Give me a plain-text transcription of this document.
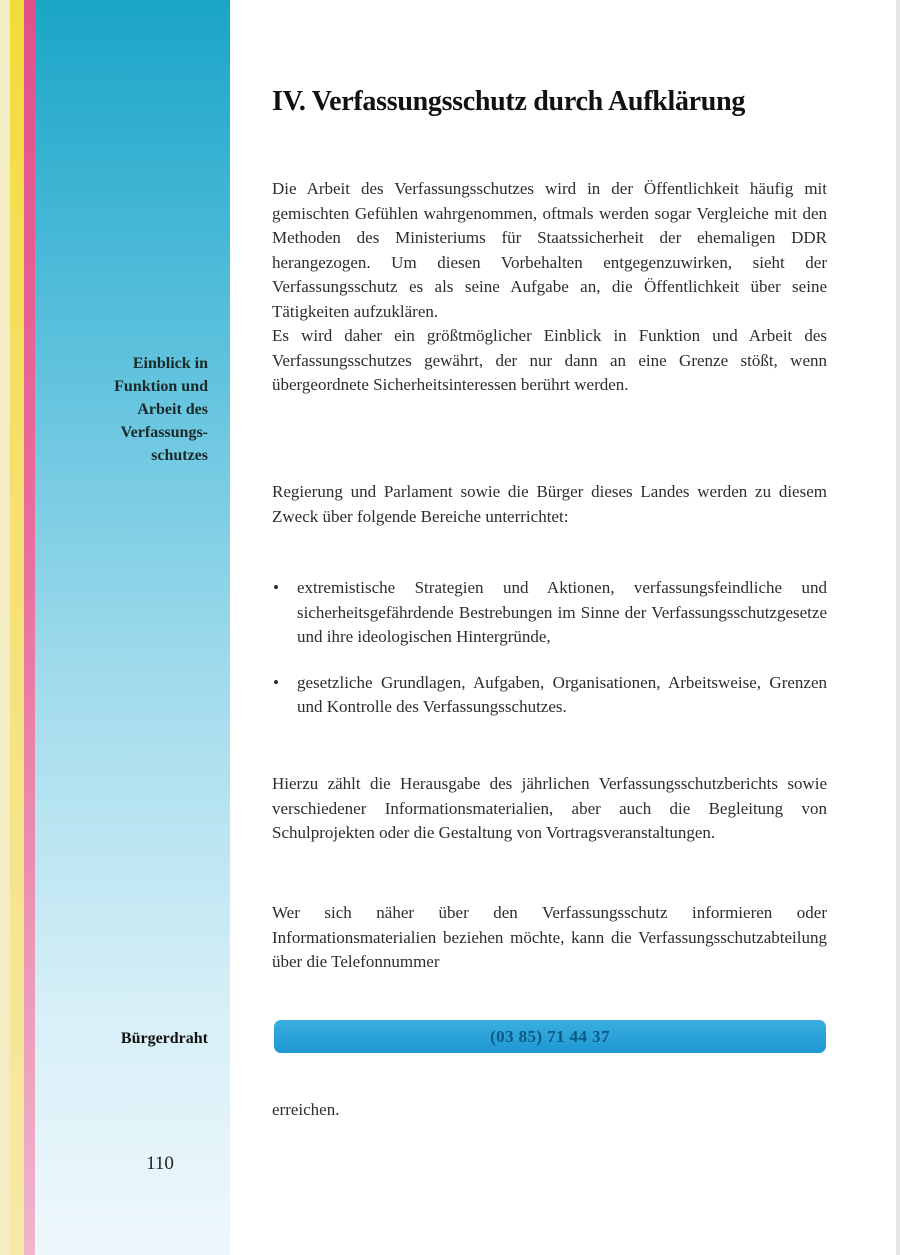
Einblick in
Funktion und
Arbeit des
Verfassungs-
schutzes
Bürgerdraht
110
IV. Verfassungsschutz durch Aufklärung

Die Arbeit des Verfassungsschutzes wird in der Öffentlichkeit häufig mit gemischten Gefühlen wahrgenommen, oftmals werden sogar Vergleiche mit den Methoden des Ministeriums für Staatssicherheit der ehemaligen DDR herangezogen. Um diesen Vorbehalten entgegenzuwirken, sieht der Verfassungsschutz es als seine Aufgabe an, die Öffentlichkeit über seine Tätigkeiten aufzuklären.

Es wird daher ein größtmöglicher Einblick in Funktion und Arbeit des Verfassungsschutzes gewährt, der nur dann an eine Grenze stößt, wenn übergeordnete Sicherheitsinteressen berührt werden.

Regierung und Parlament sowie die Bürger dieses Landes werden zu diesem Zweck über folgende Bereiche unterrichtet:

• extremistische Strategien und Aktionen, verfassungsfeindliche und sicherheitsgefährdende Bestrebungen im Sinne der Verfassungsschutzgesetze und ihre ideologischen Hintergründe,
• gesetzliche Grundlagen, Aufgaben, Organisationen, Arbeitsweise, Grenzen und Kontrolle des Verfassungsschutzes.

Hierzu zählt die Herausgabe des jährlichen Verfassungsschutzberichts sowie verschiedener Informationsmaterialien, aber auch die Begleitung von Schulprojekten oder die Gestaltung von Vortragsveranstaltungen.

Wer sich näher über den Verfassungsschutz informieren oder Informationsmaterialien beziehen möchte, kann die Verfassungsschutzabteilung über die Telefonnummer

(03 85) 71 44 37
erreichen.
